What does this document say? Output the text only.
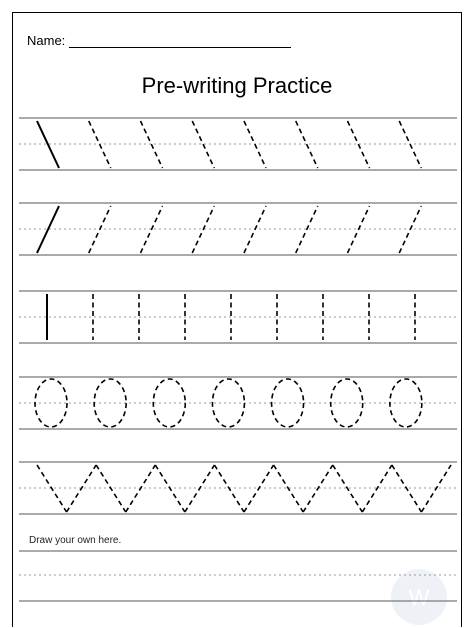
Name:
Pre-writing Practice
Draw your own here.
W
